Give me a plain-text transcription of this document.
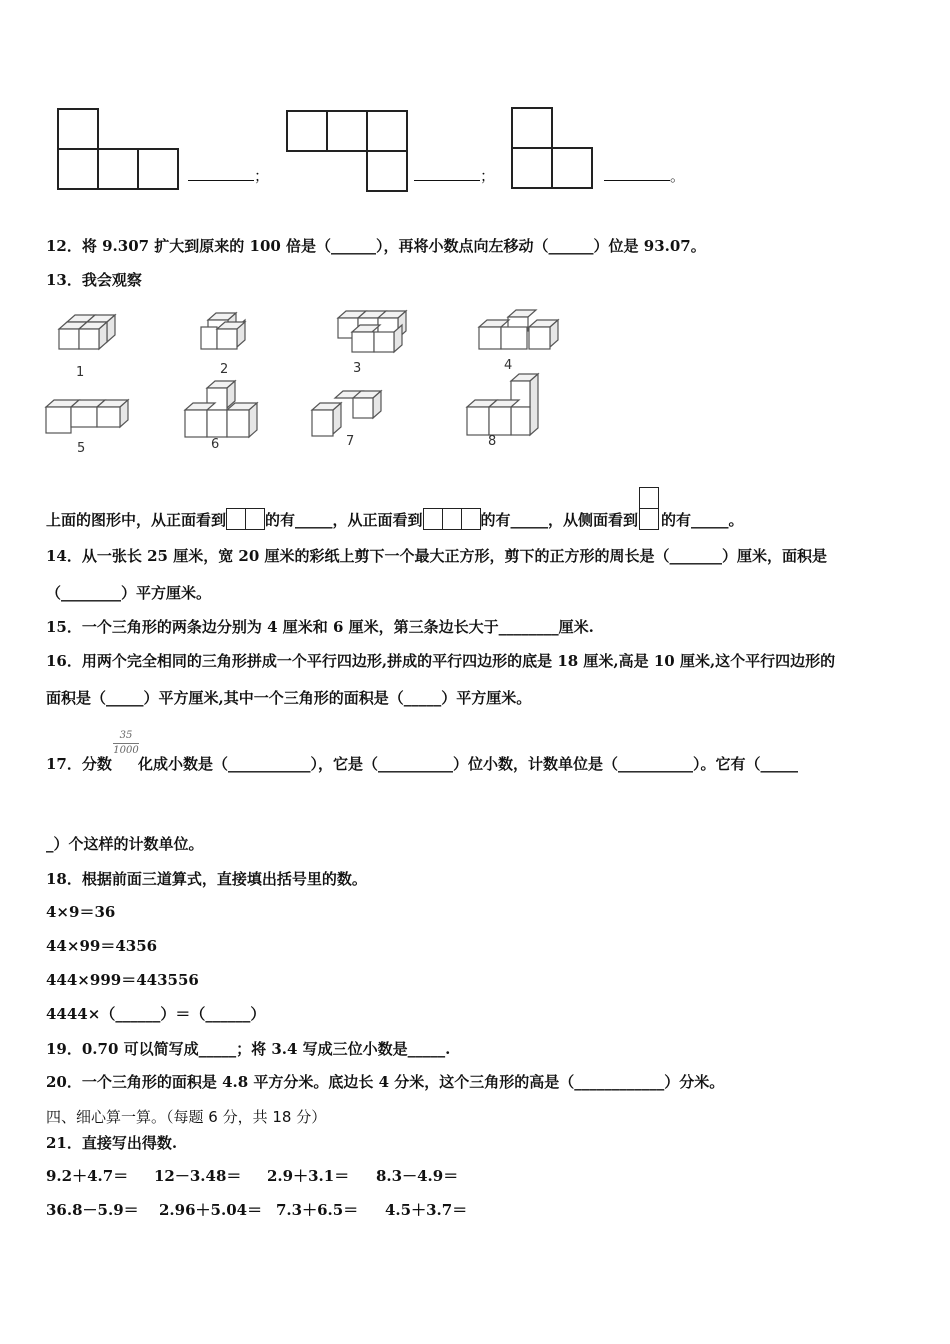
；	；	。
12．将 9.307 扩大到原来的 100 倍是（______），再将小数点向左移动（______）位是 93.07。
13．我会观察
1	2	3	4
5	6	7	8
上面的图形中，从正面看到	的有_____，从正面看到	的有_____，从侧面看到 的有_____。
14．从一张长 25 厘米，宽 20 厘米的彩纸上剪下一个最大正方形，剪下的正方形的周长是（_______）厘米，面积是
（________）平方厘米。
15．一个三角形的两条边分别为 4 厘米和 6 厘米，第三条边长大于________厘米.
16．用两个完全相同的三角形拼成一个平行四边形,拼成的平行四边形的底是 18 厘米,高是 10 厘米,这个平行四边形的
面积是（_____）平方厘米,其中一个三角形的面积是（_____）平方厘米。
35
1000
17．分数 化成小数是（___________），它是（__________）位小数，计数单位是（__________）。它有（_____
_）个这样的计数单位。
18．根据前面三道算式，直接填出括号里的数。
4×9＝36
44×99＝4356
444×999＝443556
4444×（______）＝（______）
19．0.70 可以简写成_____；将 3.4 写成三位小数是_____.
20．一个三角形的面积是 4.8 平方分米。底边长 4 分米，这个三角形的高是（____________）分米。
四、细心算一算。（每题 6 分，共 18 分）
21．直接写出得数.
9.2＋4.7＝ 12－3.48＝ 2.9＋3.1＝ 8.3－4.9＝
36.8－5.9＝ 2.96＋5.04＝ 7.3＋6.5＝ 4.5＋3.7＝
